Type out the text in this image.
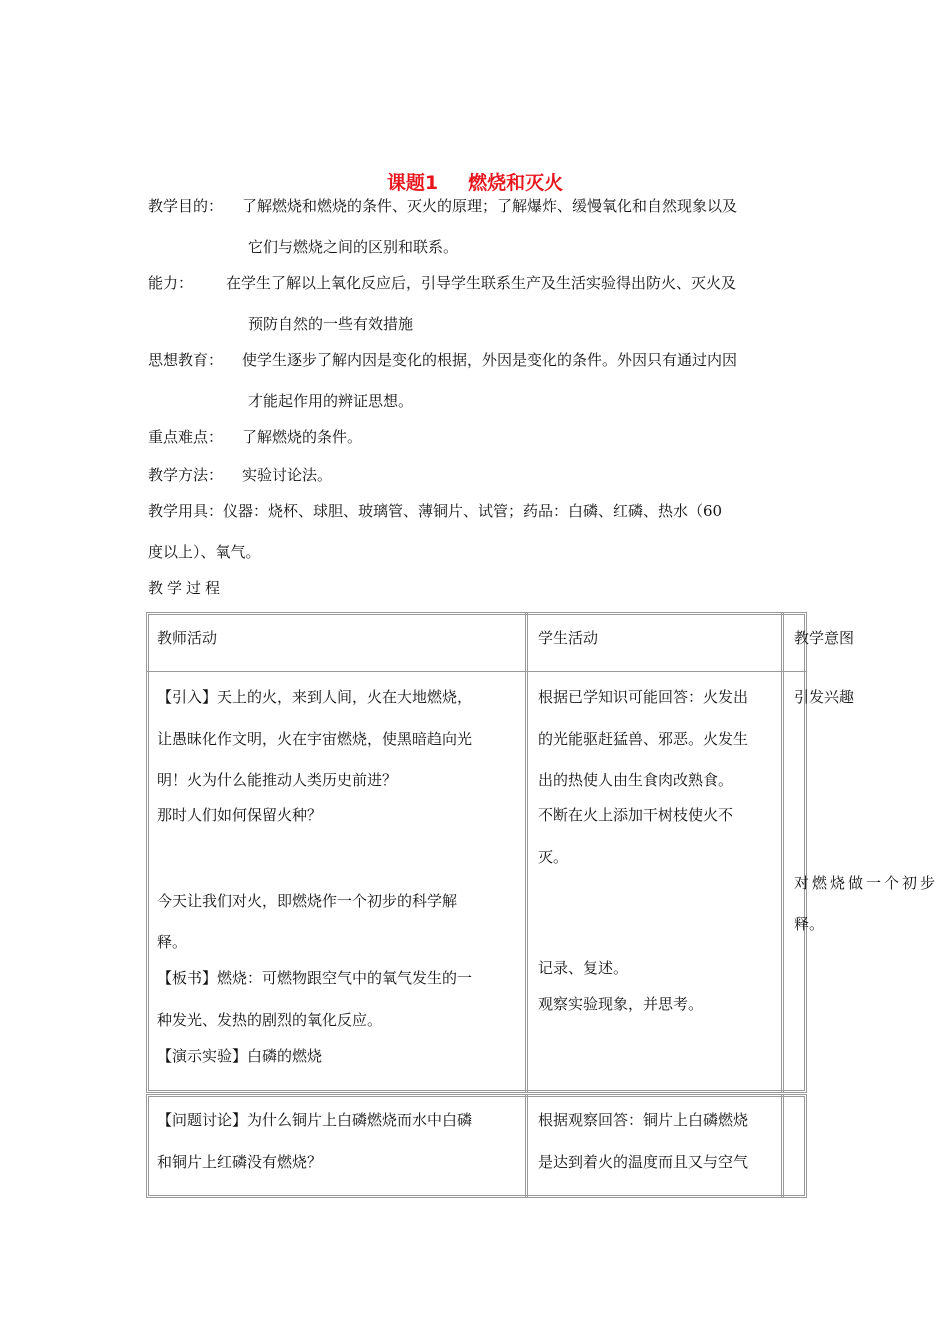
课题1 燃烧和灭火
教学目的： 了解燃烧和燃烧的条件、灭火的原理；了解爆炸、缓慢氧化和自然现象以及
它们与燃烧之间的区别和联系。
能力： 在学生了解以上氧化反应后，引导学生联系生产及生活实验得出防火、灭火及
预防自然的一些有效措施
思想教育： 使学生逐步了解内因是变化的根据，外因是变化的条件。外因只有通过内因
才能起作用的辨证思想。
重点难点： 了解燃烧的条件。
教学方法： 实验讨论法。
教学用具：仪器：烧杯、球胆、玻璃管、薄铜片、试管；药品：白磷、红磷、热水（60
度以上）、氧气。
教学过程
教师活动	学生活动	教学意图
【引入】天上的火，来到人间，火在大地燃烧，
让愚昧化作文明，火在宇宙燃烧，使黑暗趋向光
明！火为什么能推动人类历史前进？
那时人们如何保留火种？
今天让我们对火，即燃烧作一个初步的科学解
释。
【板书】燃烧：可燃物跟空气中的氧气发生的一
种发光、发热的剧烈的氧化反应。
【演示实验】白磷的燃烧
根据已学知识可能回答：火发出
的光能驱赶猛兽、邪恶。火发生
出的热使人由生食肉改熟食。
不断在火上添加干树枝使火不
灭。
记录、复述。
观察实验现象，并思考。
引发兴趣
对燃烧做一个初步
释。
【问题讨论】为什么铜片上白磷燃烧而水中白磷
和铜片上红磷没有燃烧？
根据观察回答：铜片上白磷燃烧
是达到着火的温度而且又与空气
